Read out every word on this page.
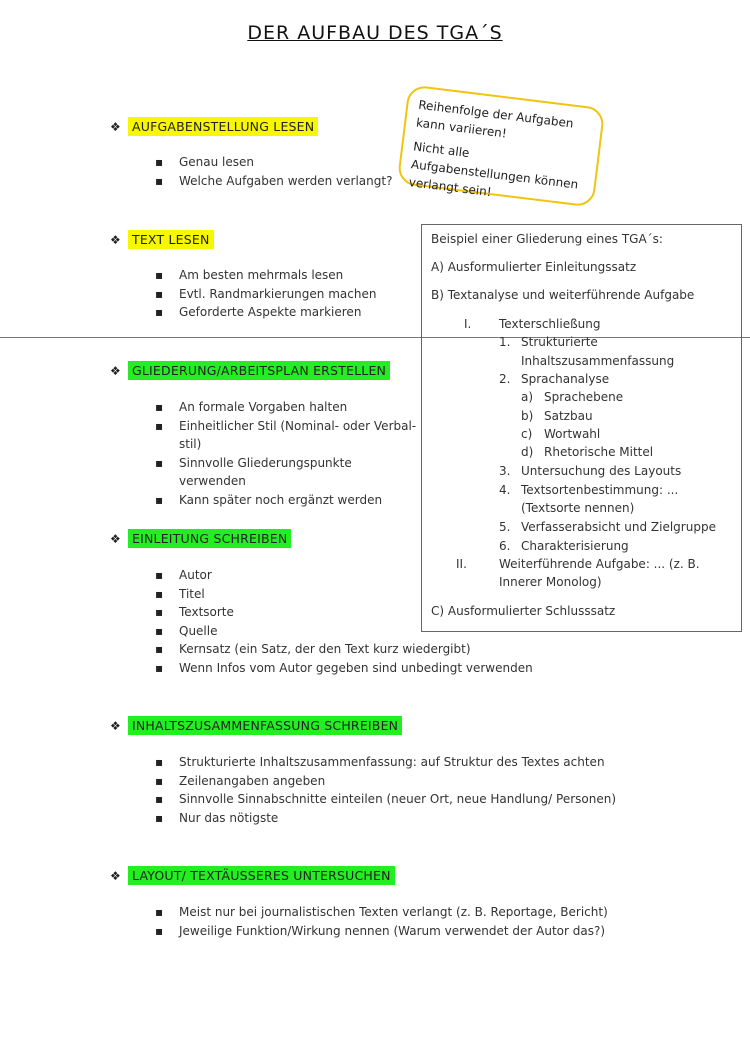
DER AUFBAU DES TGA´S

Reihenfolge der Aufgaben kann variieren!

Nicht alle Aufgabenstellungen können verlangt sein!

❖ AUFGABENSTELLUNG LESEN
▪ Genau lesen
▪ Welche Aufgaben werden verlangt?
❖ TEXT LESEN
▪ Am besten mehrmals lesen
▪ Evtl. Randmarkierungen machen
▪ Geforderte Aspekte markieren
❖ GLIEDERUNG/ARBEITSPLAN ERSTELLEN
▪ An formale Vorgaben halten
▪ Einheitlicher Stil (Nominal- oder Verbal-stil)
▪ Sinnvolle Gliederungspunkte verwenden
▪ Kann später noch ergänzt werden
❖ EINLEITUNG SCHREIBEN
▪ Autor
▪ Titel
▪ Textsorte
▪ Quelle
▪ Kernsatz (ein Satz, der den Text kurz wiedergibt)
▪ Wenn Infos vom Autor gegeben sind unbedingt verwenden
❖ INHALTSZUSAMMENFASSUNG SCHREIBEN
▪ Strukturierte Inhaltszusammenfassung: auf Struktur des Textes achten
▪ Zeilenangaben angeben
▪ Sinnvolle Sinnabschnitte einteilen (neuer Ort, neue Handlung/ Personen)
▪ Nur das nötigste
❖ LAYOUT/ TEXTÄUSSERES UNTERSUCHEN
▪ Meist nur bei journalistischen Texten verlangt (z. B. Reportage, Bericht)
▪ Jeweilige Funktion/Wirkung nennen (Warum verwendet der Autor das?)
Beispiel einer Gliederung eines TGA´s:
A) Ausformulierter Einleitungssatz
B) Textanalyse und weiterführende Aufgabe
I. Texterschließung
1. Strukturierte
Inhaltszusammenfassung
2. Sprachanalyse
a) Sprachebene
b) Satzbau
c) Wortwahl
d) Rhetorische Mittel
3. Untersuchung des Layouts
4. Textsortenbestimmung: ...
(Textsorte nennen)
5. Verfasserabsicht und Zielgruppe
6. Charakterisierung
II.	Weiterführende Aufgabe: ... (z. B.
Innerer Monolog)
C) Ausformulierter Schlusssatz
